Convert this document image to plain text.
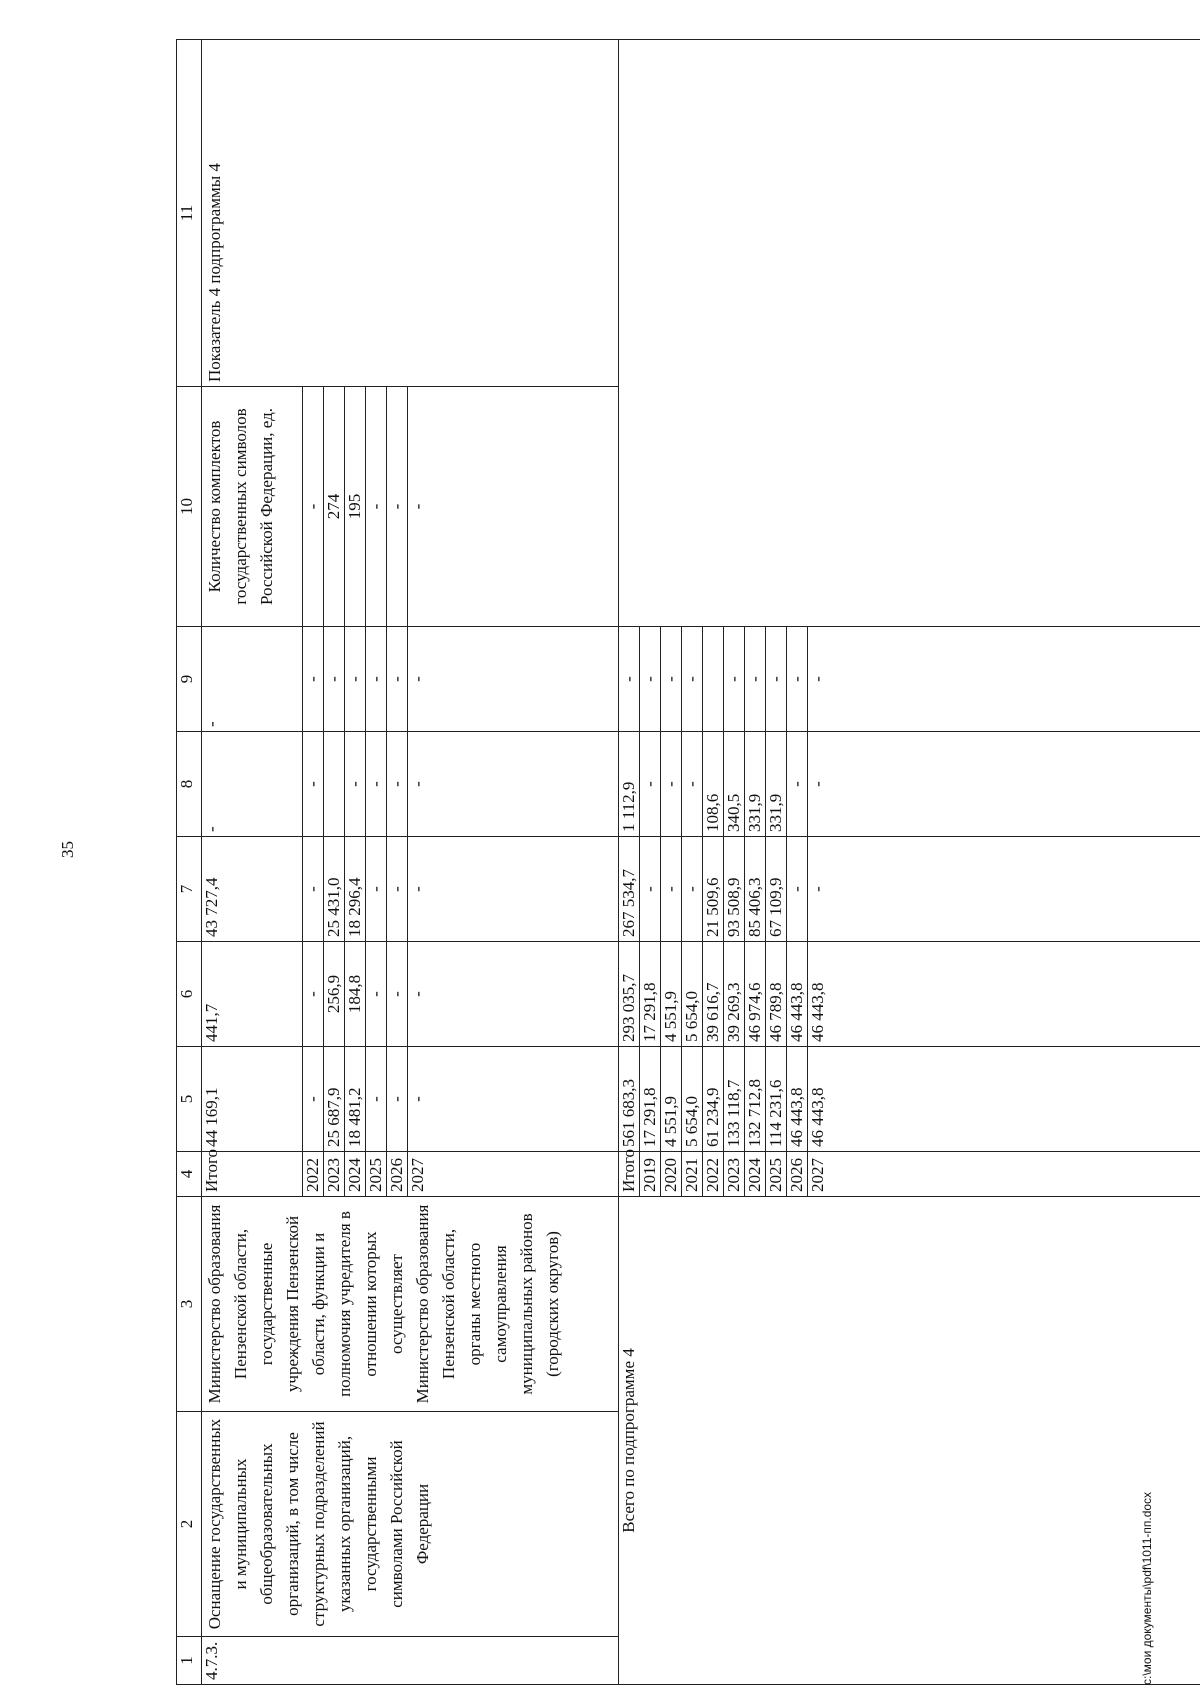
35
1	2	3	4	5	6	7	8	9	10	11
4.7.3.	Оснащение государственных и муниципальных общеобразовательных организаций, в том числе структурных подразделений указанных организаций, государственными символами Российской Федерации	Министерство образования Пензенской области, государственные учреждения Пензенской области, функции и полномочия учредителя в отношении которых осуществляет Министерство образования Пензенской области, органы местного самоуправления муниципальных районов (городских округов)	Итого	44 169,1	441,7	43 727,4	-	-	Количество комплектов государственных символов Российской Федерации, ед.	Показатель 4 подпрограммы 4
			2022	-	-	-	-	-	-	
			2023	25 687,9	256,9	25 431,0		-	274	
			2024	18 481,2	184,8	18 296,4	-	-	195	
			2025	-	-	-	-	-	-	
			2026	-	-	-	-	-	-	
			2027	-	-	-	-	-	-	
Всего по подпрограмме 4			Итого	561 683,3	293 035,7	267 534,7	1 112,9	-		
			2019	17 291,8	17 291,8	-	-	-		
			2020	4 551,9	4 551,9	-	-	-		
			2021	5 654,0	5 654,0	-	-	-		
			2022	61 234,9	39 616,7	21 509,6	108,6			
			2023	133 118,7	39 269,3	93 508,9	340,5	-		
			2024	132 712,8	46 974,6	85 406,3	331,9	-		
			2025	114 231,6	46 789,8	67 109,9	331,9	-		
			2026	46 443,8	46 443,8	-	-	-		
			2027	46 443,8	46 443,8	-	-	-		
c:\мои документы\pdf\1011-пп.docx
